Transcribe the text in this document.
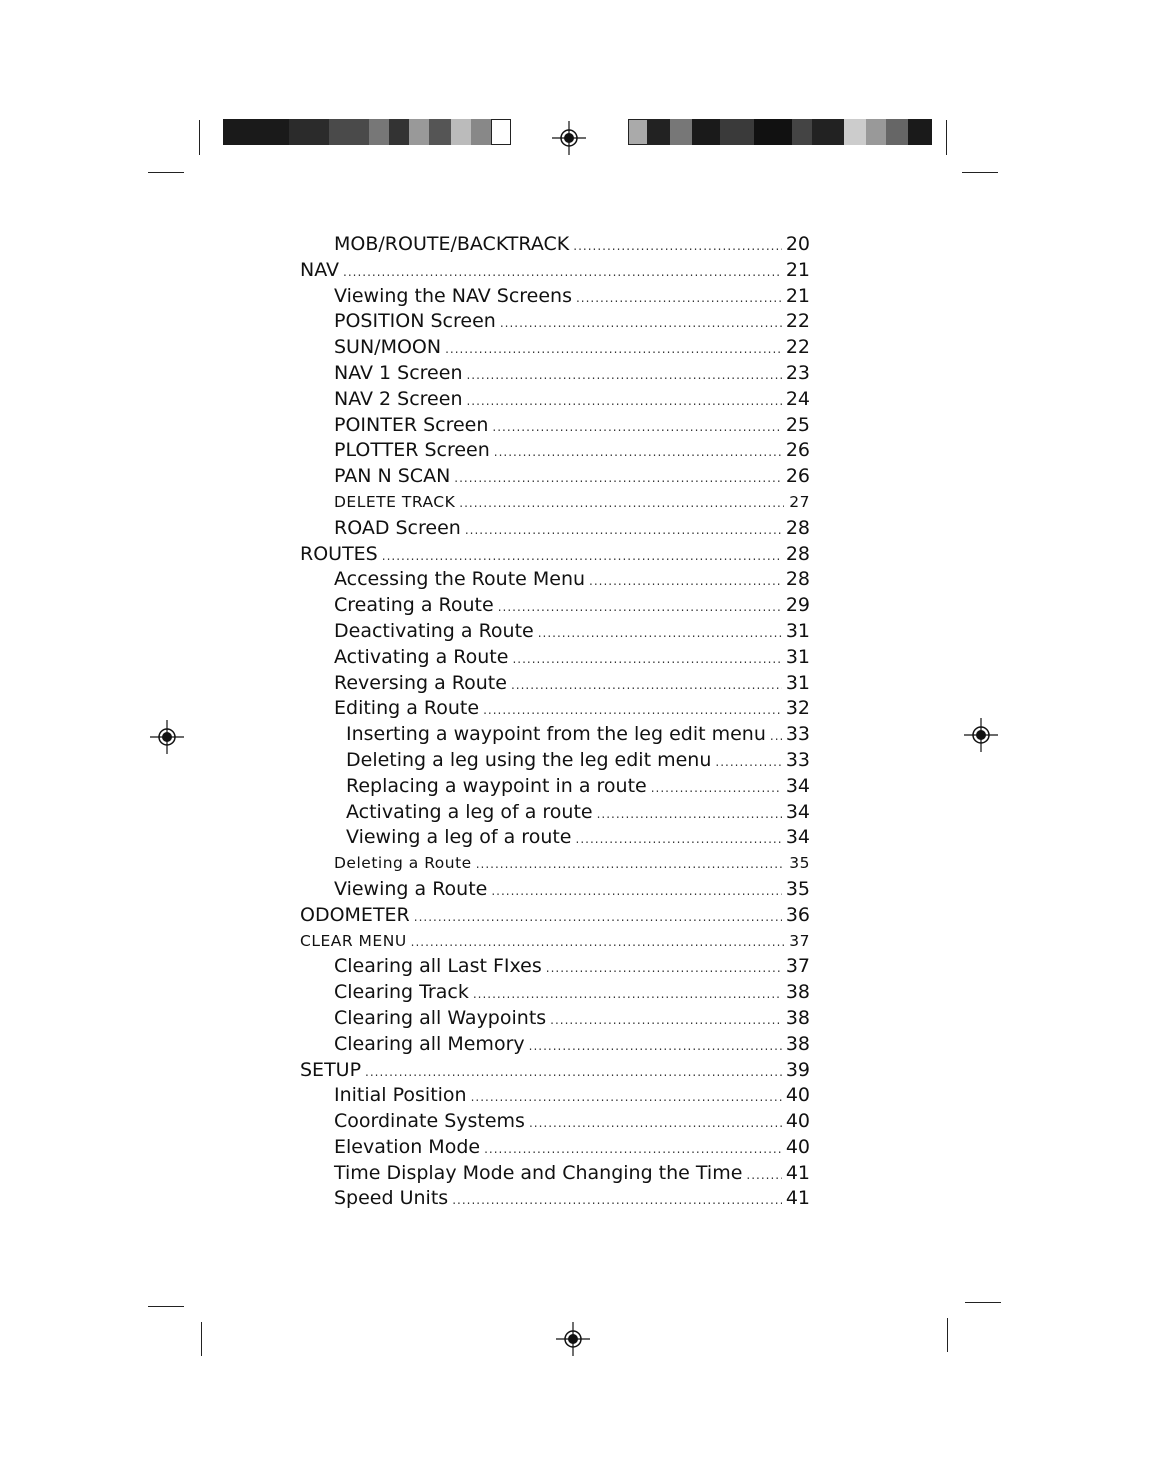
MOB/ROUTE/BACKTRACK .....	20
NAV .....	21
Viewing the NAV Screens .....	21
POSITION Screen .....	22
SUN/MOON .....	22
NAV 1 Screen .....	23
NAV 2 Screen .....	24
POINTER Screen .....	25
PLOTTER Screen .....	26
PAN N SCAN .....	26
DELETE TRACK .....	27
ROAD Screen .....	28
ROUTES .....	28
Accessing the Route Menu .....	28
Creating a Route .....	29
Deactivating a Route .....	31
Activating a Route .....	31
Reversing a Route .....	31
Editing a Route .....	32
Inserting a waypoint from the leg edit menu ..... 33
Deleting a leg using the leg edit menu .....	33
Replacing a waypoint in a route .....	34
Activating a leg of a route .....	34
Viewing a leg of a route .....	34
Deleting a Route .....	35
Viewing a Route .....	35
ODOMETER .....	36
CLEAR MENU .....	37
Clearing all Last FIxes .....	37
Clearing Track .....	38
Clearing all Waypoints .....	38
Clearing all Memory .....	38
SETUP .....	39
Initial Position .....	40
Coordinate Systems .....	40
Elevation Mode .....	40
Time Display Mode and Changing the Time ..... 41
Speed Units .....	41
